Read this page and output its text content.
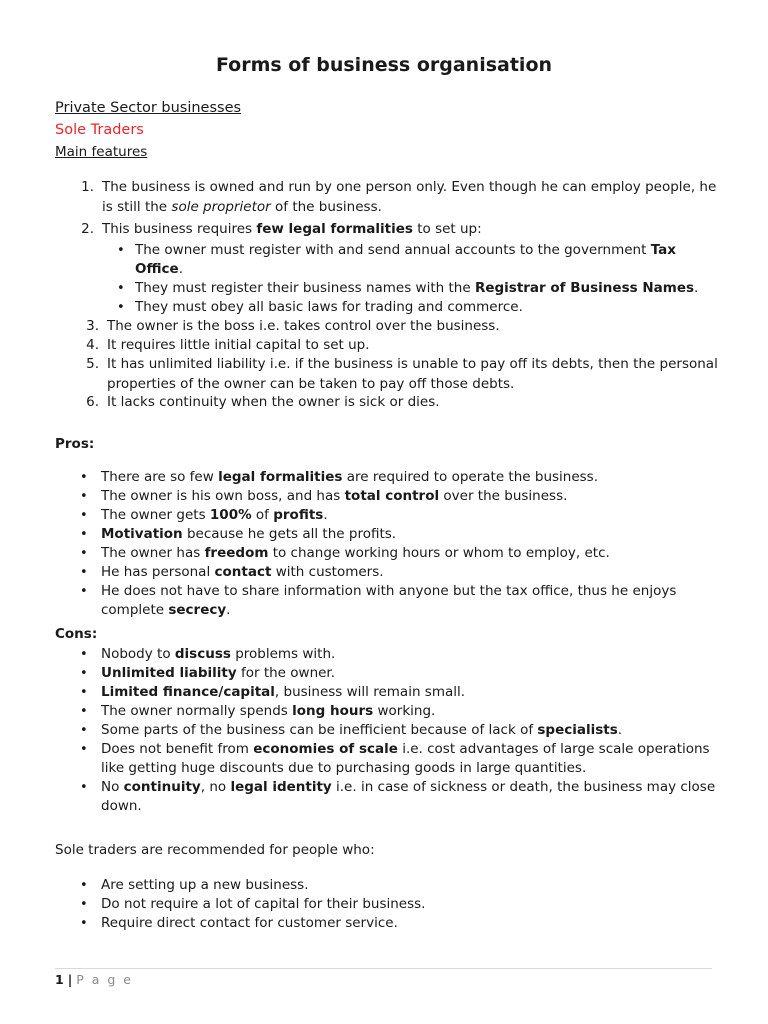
Forms of business organisation
Private Sector businesses
Sole Traders
Main features
1. The business is owned and run by one person only. Even though he can employ people, he
is still the sole proprietor of the business.
2. This business requires few legal formalities to set up:
3. The owner is the boss i.e. takes control over the business.
4. It requires little initial capital to set up.
5. It has unlimited liability i.e. if the business is unable to pay off its debts, then the personal
properties of the owner can be taken to pay off those debts.
6. It lacks continuity when the owner is sick or dies.
• The owner must register with and send annual accounts to the government Tax
Office.
• They must register their business names with the Registrar of Business Names.
• They must obey all basic laws for trading and commerce.
Pros:
• There are so few legal formalities are required to operate the business.
• The owner is his own boss, and has total control over the business.
• The owner gets 100% of profits.
• Motivation because he gets all the profits.
• The owner has freedom to change working hours or whom to employ, etc.
• He has personal contact with customers.
• He does not have to share information with anyone but the tax office, thus he enjoys
complete secrecy.
Cons:
• Nobody to discuss problems with.
• Unlimited liability for the owner.
• Limited finance/capital, business will remain small.
• The owner normally spends long hours working.
• Some parts of the business can be inefficient because of lack of specialists.
• Does not benefit from economies of scale i.e. cost advantages of large scale operations
like getting huge discounts due to purchasing goods in large quantities.
• No continuity, no legal identity i.e. in case of sickness or death, the business may close
down.
Sole traders are recommended for people who:
• Are setting up a new business.
• Do not require a lot of capital for their business.
• Require direct contact for customer service.
1 | P a g e
